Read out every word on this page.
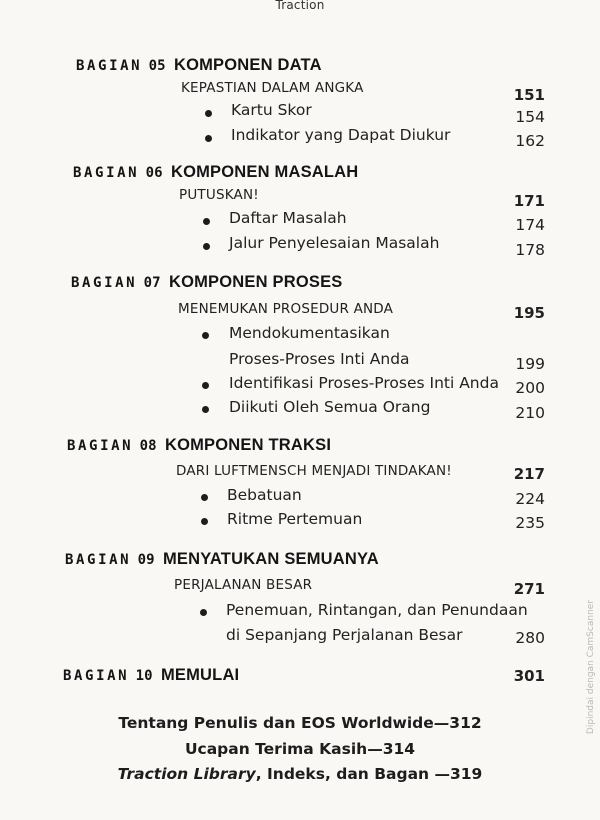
Traction
BAGIAN 05 KOMPONEN DATA
KEPASTIAN DALAM ANGKA	151
Kartu Skor	154
Indikator yang Dapat Diukur	162
BAGIAN 06 KOMPONEN MASALAH
PUTUSKAN!	171
Daftar Masalah	174
Jalur Penyelesaian Masalah	178
BAGIAN 07 KOMPONEN PROSES
MENEMUKAN PROSEDUR ANDA	195
Mendokumentasikan
Proses-Proses Inti Anda	199
Identifikasi Proses-Proses Inti Anda 200
Diikuti Oleh Semua Orang	210
BAGIAN 08 KOMPONEN TRAKSI
DARI LUFTMENSCH MENJADI TINDAKAN!	217
Bebatuan	224
Ritme Pertemuan	235
BAGIAN 09 MENYATUKAN SEMUANYA
PERJALANAN BESAR	271
Penemuan, Rintangan, dan Penundaan
di Sepanjang Perjalanan Besar	280
BAGIAN 10 MEMULAI	301
Tentang Penulis dan EOS Worldwide—312
Ucapan Terima Kasih—314
Traction Library, Indeks, dan Bagan —319
Dipindai dengan CamScanner
